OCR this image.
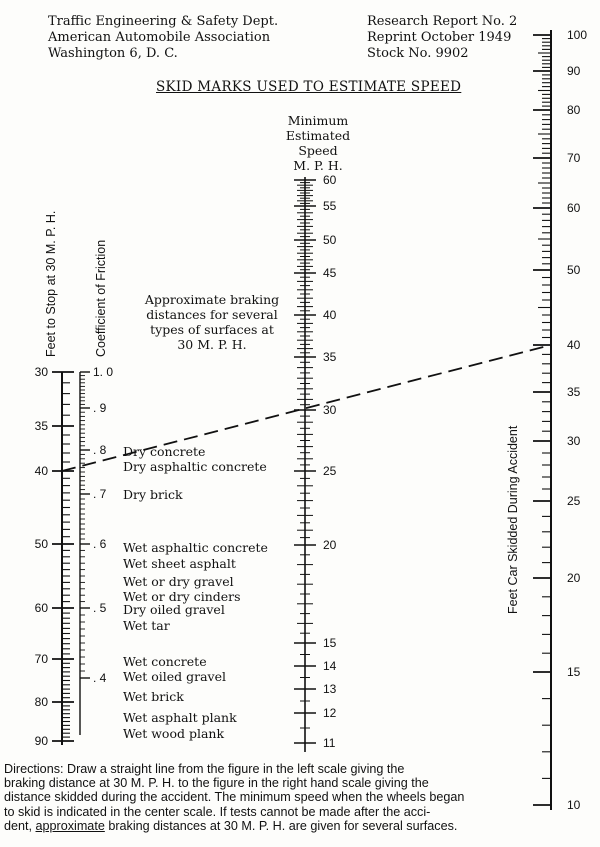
Traffic Engineering & Safety Dept.
American Automobile Association
Washington 6, D. C.
Research Report No. 2
Reprint October 1949
Stock No. 9902
SKID MARKS USED TO ESTIMATE SPEED
Minimum
Estimated
Speed
M. P. H.
Approximate braking
distances for several
types of surfaces at
30 M. P. H.
Feet to Stop at 30 M. P. H.	Coefficient of Friction
Feet Car Skidded During Accident
Dry concrete
Dry asphaltic concrete
Dry brick
Wet asphaltic concrete
Wet sheet asphalt
Wet or dry gravel
Wet or dry cinders
Dry oiled gravel
Wet tar
Wet concrete
Wet oiled gravel
Wet brick
Wet asphalt plank
Wet wood plank
30
35
40
50
60
70
80
90
1. 0
. 9
. 8
. 7
. 6
. 5
. 4
60
55
50
45
40
35
30
25
20
15
14
13
12
11
100
90
80
70
60
50
40
35
30
25
20
15
10

Directions: Draw a straight line from the figure in the left scale giving the

braking distance at 30 M. P. H. to the figure in the right hand scale giving the

distance skidded during the accident. The minimum speed when the wheels began

to skid is indicated in the center scale. If tests cannot be made after the acci-

dent, approximate braking distances at 30 M. P. H. are given for several surfaces.
